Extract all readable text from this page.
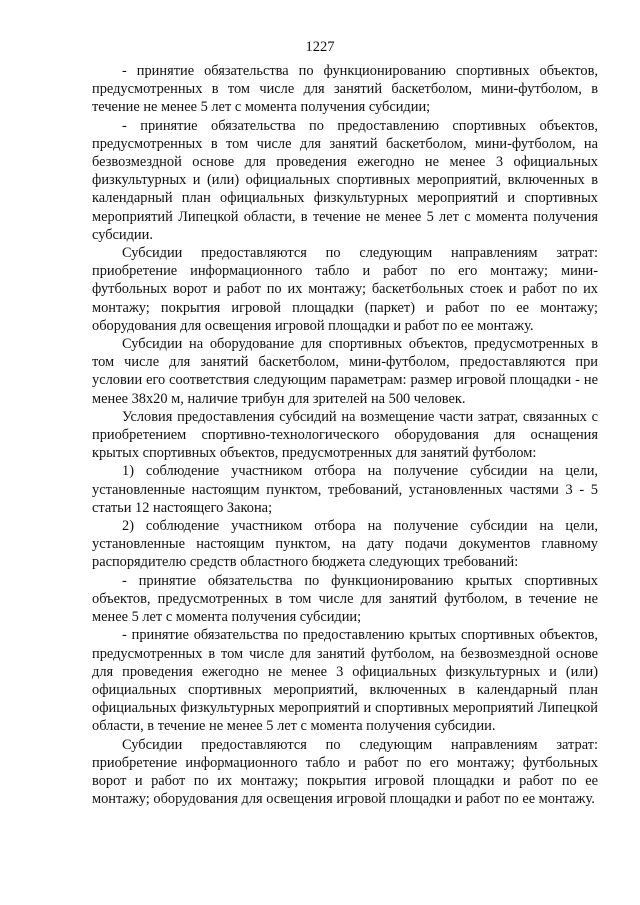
1227

- принятие обязательства по функционированию спортивных объектов, предусмотренных в том числе для занятий баскетболом, мини-футболом, в течение не менее 5 лет с момента получения субсидии;

- принятие обязательства по предоставлению спортивных объектов, предусмотренных в том числе для занятий баскетболом, мини-футболом, на безвозмездной основе для проведения ежегодно не менее 3 официальных физкультурных и (или) официальных спортивных мероприятий, включенных в календарный план официальных физкультурных мероприятий и спортивных мероприятий Липецкой области, в течение не менее 5 лет с момента получения субсидии.

Субсидии предоставляются по следующим направлениям затрат: приобретение информационного табло и работ по его монтажу; мини-футбольных ворот и работ по их монтажу; баскетбольных стоек и работ по их монтажу; покрытия игровой площадки (паркет) и работ по ее монтажу; оборудования для освещения игровой площадки и работ по ее монтажу.

Субсидии на оборудование для спортивных объектов, предусмотренных в том числе для занятий баскетболом, мини-футболом, предоставляются при условии его соответствия следующим параметрам: размер игровой площадки - не менее 38х20 м, наличие трибун для зрителей на 500 человек.

Условия предоставления субсидий на возмещение части затрат, связанных с приобретением спортивно-технологического оборудования для оснащения крытых спортивных объектов, предусмотренных для занятий футболом:

1) соблюдение участником отбора на получение субсидии на цели, установленные настоящим пунктом, требований, установленных частями 3 - 5 статьи 12 настоящего Закона;

2) соблюдение участником отбора на получение субсидии на цели, установленные настоящим пунктом, на дату подачи документов главному распорядителю средств областного бюджета следующих требований:

- принятие обязательства по функционированию крытых спортивных объектов, предусмотренных в том числе для занятий футболом, в течение не менее 5 лет с момента получения субсидии;

- принятие обязательства по предоставлению крытых спортивных объектов, предусмотренных в том числе для занятий футболом, на безвозмездной основе для проведения ежегодно не менее 3 официальных физкультурных и (или) официальных спортивных мероприятий, включенных в календарный план официальных физкультурных мероприятий и спортивных мероприятий Липецкой области, в течение не менее 5 лет с момента получения субсидии.

Субсидии предоставляются по следующим направлениям затрат: приобретение информационного табло и работ по его монтажу; футбольных ворот и работ по их монтажу; покрытия игровой площадки и работ по ее монтажу; оборудования для освещения игровой площадки и работ по ее монтажу.
